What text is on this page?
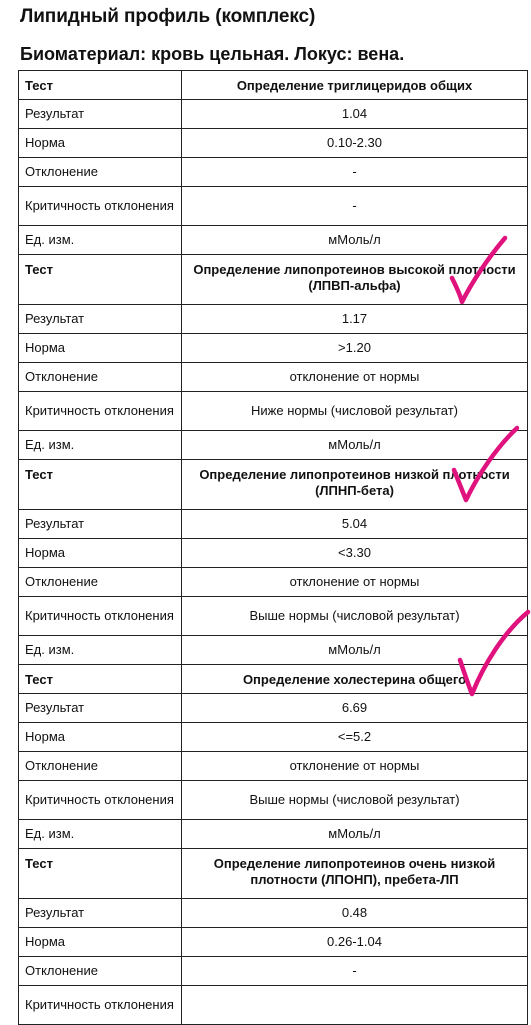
Липидный профиль (комплекс)
Биоматериал: кровь цельная. Локус: вена.
Тест	Определение триглицеридов общих
Результат	1.04
Норма	0.10-2.30
Отклонение	-
Критичность отклонения	-
Ед. изм.	мМоль/л
Тест	Определение липопротеинов высокой плотности (ЛПВП-альфа)
Результат	1.17
Норма	>1.20
Отклонение	отклонение от нормы
Критичность отклонения	Ниже нормы (числовой результат)
Ед. изм.	мМоль/л
Тест	Определение липопротеинов низкой плотности (ЛПНП-бета)
Результат	5.04
Норма	<3.30
Отклонение	отклонение от нормы
Критичность отклонения	Выше нормы (числовой результат)
Ед. изм.	мМоль/л
Тест	Определение холестерина общего
Результат	6.69
Норма	<=5.2
Отклонение	отклонение от нормы
Критичность отклонения	Выше нормы (числовой результат)
Ед. изм.	мМоль/л
Тест	Определение липопротеинов очень низкой плотности (ЛПОНП), пребета-ЛП
Результат	0.48
Норма	0.26-1.04
Отклонение	-
Критичность отклонения	
